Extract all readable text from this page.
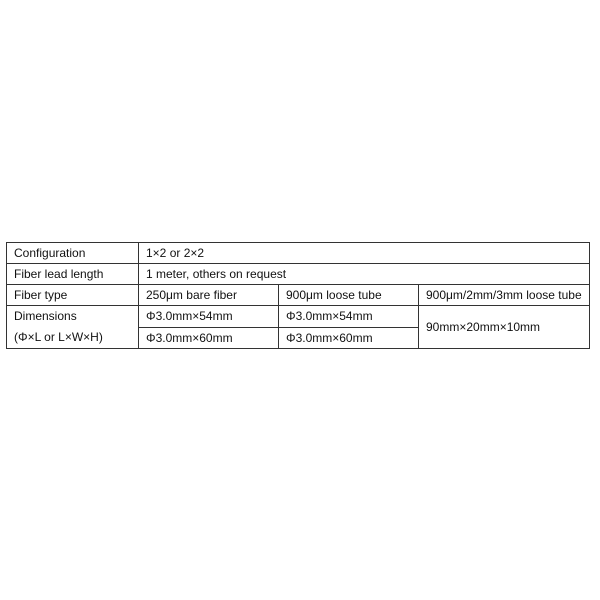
Configuration	1×2 or 2×2		
Fiber lead length	1 meter, others on request		
Fiber type	250μm bare fiber	900μm loose tube	900μm/2mm/3mm loose tube

Dimensions
(Φ×L or L×W×H)	Φ3.0mm×54mm	Φ3.0mm×54mm	90mm×20mm×10mm
	Φ3.0mm×60mm	Φ3.0mm×60mm	
